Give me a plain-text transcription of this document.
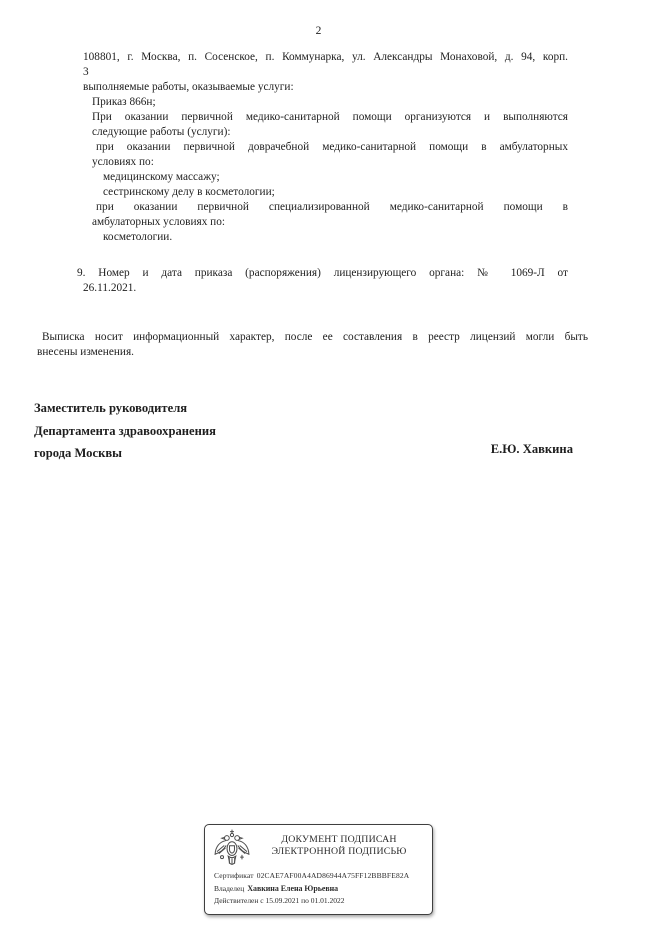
2
108801, г. Москва, п. Сосенское, п. Коммунарка, ул. Александры Монаховой, д. 94, корп.
3
выполняемые работы, оказываемые услуги:
Приказ 866н;
При оказании первичной медико-санитарной помощи организуются и выполняются
следующие работы (услуги):
при оказании первичной доврачебной медико-санитарной помощи в амбулаторных
условиях по:
медицинскому массажу;
сестринскому делу в косметологии;
при оказании первичной специализированной медико-санитарной помощи в
амбулаторных условиях по:
косметологии.
9. Номер и дата приказа (распоряжения) лицензирующего органа: № 1069-Л от
26.11.2021.
Выписка носит информационный характер, после ее составления в реестр лицензий могли быть
внесены изменения.
Заместитель руководителя
Департамента здравоохранения
города Москвы	Е.Ю. Хавкина
ДОКУМЕНТ ПОДПИСАН
ЭЛЕКТРОННОЙ ПОДПИСЬЮ
Сертификат 02CAE7AF00A4AD86944A75FF12BBBFE82A
Владелец Хавкина Елена Юрьевна
Действителен с 15.09.2021 по 01.01.2022
